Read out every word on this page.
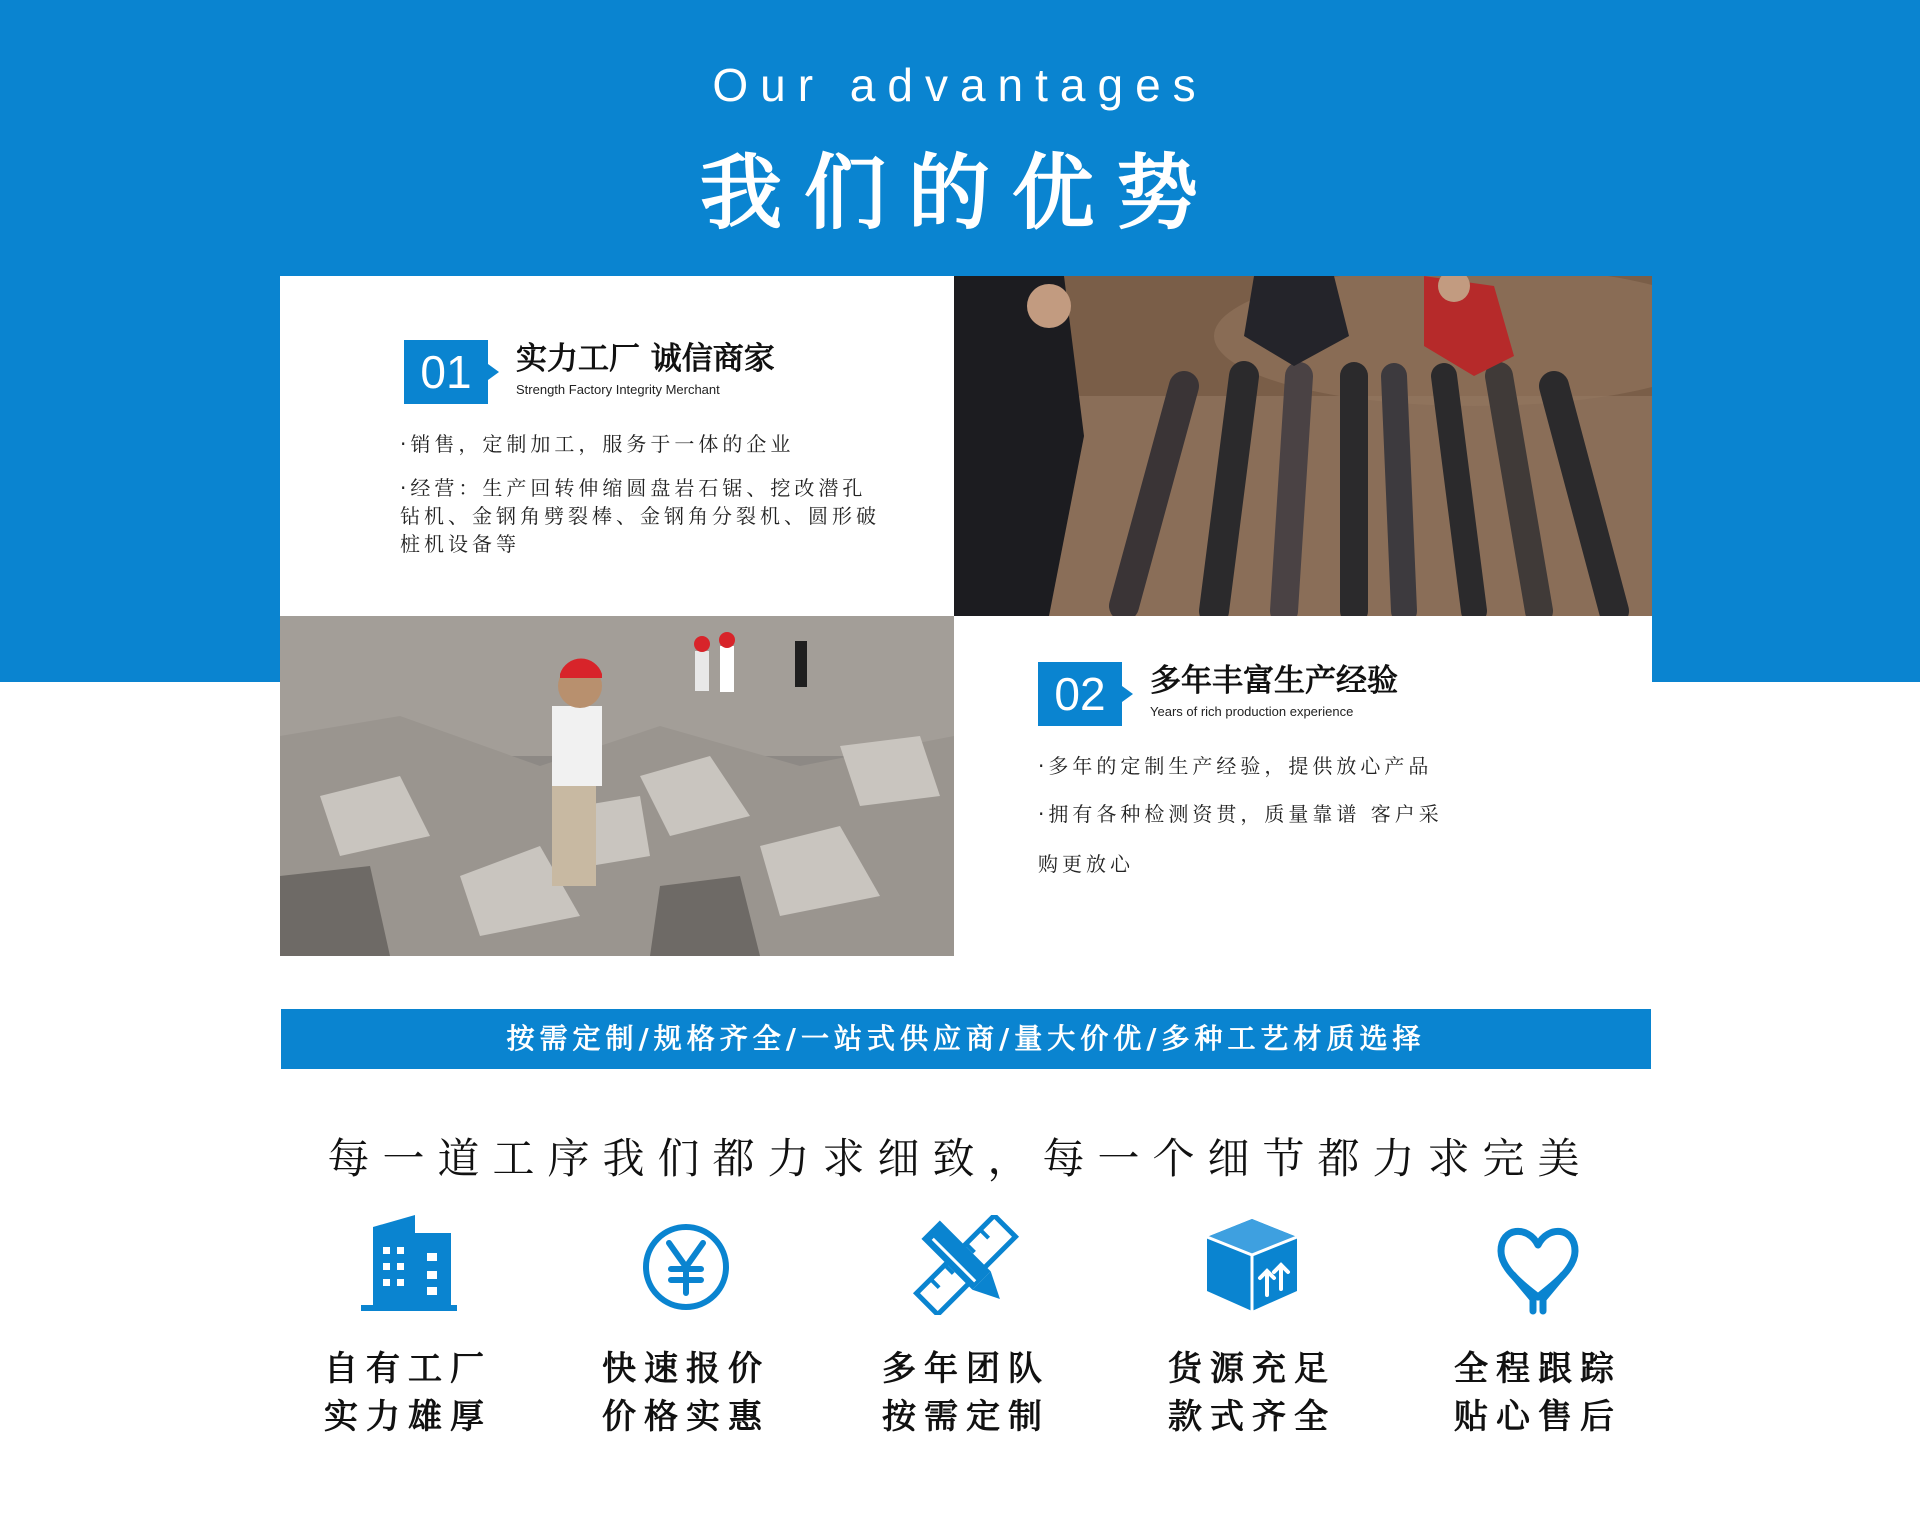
Our advantages
我们的优势
01	实力工厂 诚信商家
Strength Factory Integrity Merchant
·销售，定制加工，服务于一体的企业
·经营：生产回转伸缩圆盘岩石锯、挖改潜孔
钻机、金钢角劈裂棒、金钢角分裂机、圆形破
桩机设备等
02	多年丰富生产经验
Years of rich production experience
·多年的定制生产经验，提供放心产品
·拥有各种检测资贯，质量靠谱 客户采
购更放心
按需定制/规格齐全/一站式供应商/量大价优/多种工艺材质选择
每一道工序我们都力求细致，每一个细节都力求完美
自有工厂
实力雄厚
快速报价
价格实惠
多年团队
按需定制
货源充足
款式齐全
全程跟踪
贴心售后
